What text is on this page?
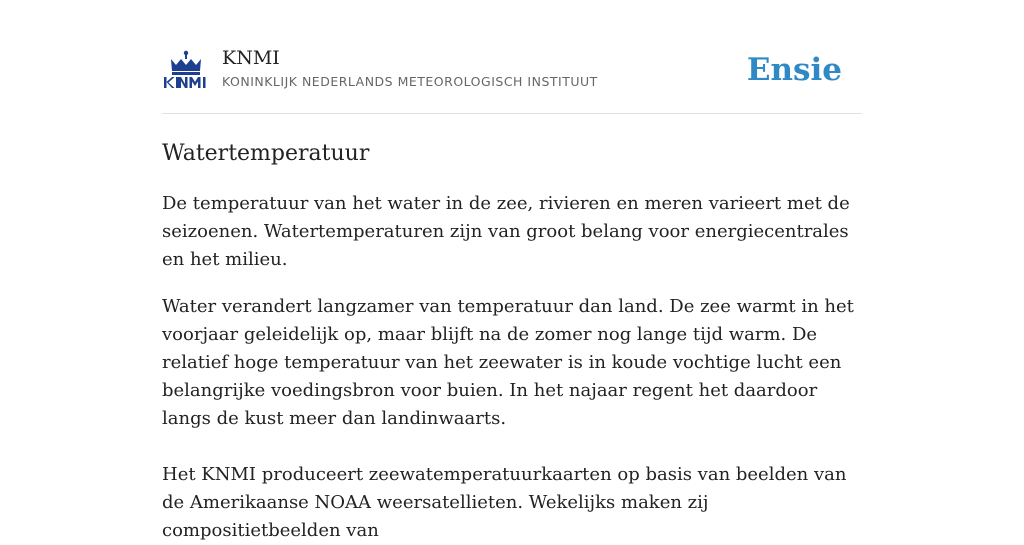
KNMI
KONINKLIJK NEDERLANDS METEOROLOGISCH INSTITUUT	Ensie
Watertemperatuur

De temperatuur van het water in de zee, rivieren en meren varieert met de seizoenen. Watertemperaturen zijn van groot belang voor energiecentrales en het milieu.

Water verandert langzamer van temperatuur dan land. De zee warmt in het voorjaar geleidelijk op, maar blijft na de zomer nog lange tijd warm. De relatief hoge temperatuur van het zeewater is in koude vochtige lucht een belangrijke voedingsbron voor buien. In het najaar regent het daardoor langs de kust meer dan landinwaarts.

Het KNMI produceert zeewatemperatuurkaarten op basis van beelden van de Amerikaanse NOAA weersatellieten. Wekelijks maken zij compositietbeelden van
